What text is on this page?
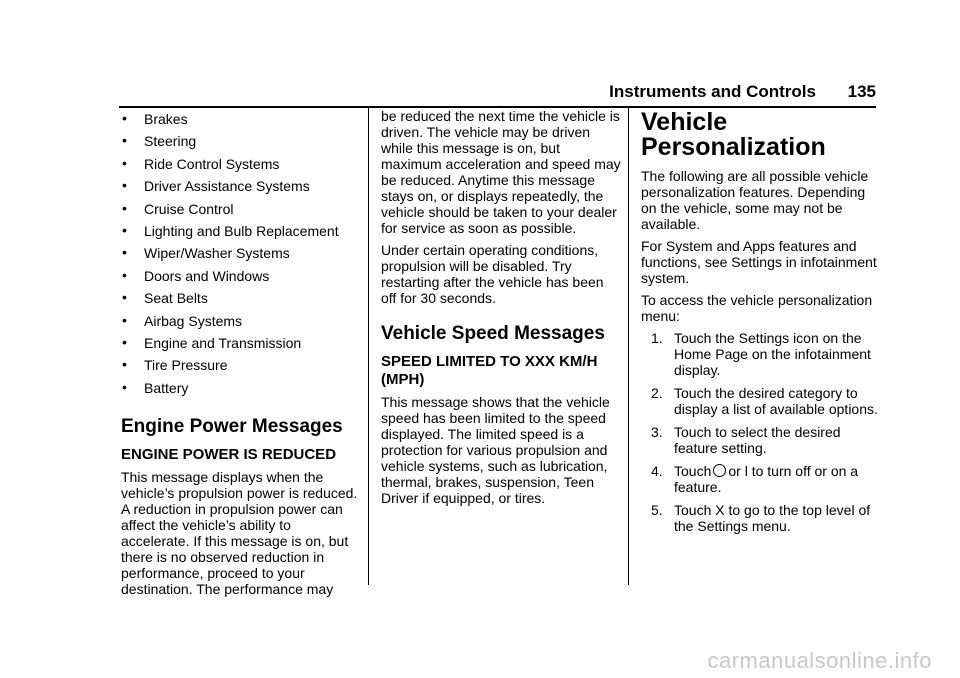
Instruments and Controls 135
• Brakes
• Steering
• Ride Control Systems
• Driver Assistance Systems
• Cruise Control
• Lighting and Bulb Replacement
• Wiper/Washer Systems
• Doors and Windows
• Seat Belts
• Airbag Systems
• Engine and Transmission
• Tire Pressure
• Battery
Engine Power Messages
ENGINE POWER IS REDUCED

This message displays when the vehicle’s propulsion power is reduced. A reduction in propulsion power can affect the vehicle’s ability to accelerate. If this message is on, but there is no observed reduction in performance, proceed to your destination. The performance may

be reduced the next time the vehicle is driven. The vehicle may be driven while this message is on, but maximum acceleration and speed may be reduced. Anytime this message stays on, or displays repeatedly, the vehicle should be taken to your dealer for service as soon as possible.

Under certain operating conditions, propulsion will be disabled. Try restarting after the vehicle has been off for 30 seconds.

Vehicle Speed Messages
SPEED LIMITED TO XXX KM/H (MPH)

This message shows that the vehicle speed has been limited to the speed displayed. The limited speed is a protection for various propulsion and vehicle systems, such as lubrication, thermal, brakes, suspension, Teen Driver if equipped, or tires.

Vehicle Personalization

The following are all possible vehicle personalization features. Depending on the vehicle, some may not be available.

For System and Apps features and functions, see Settings in infotainment system.

To access the vehicle personalization menu:

1. Touch the Settings icon on the Home Page on the infotainment display.
2. Touch the desired category to display a list of available options.
3. Touch to select the desired feature setting.
4. Touch or l to turn off or on a feature.
5. Touch X to go to the top level of the Settings menu.
carmanualsonline.info
